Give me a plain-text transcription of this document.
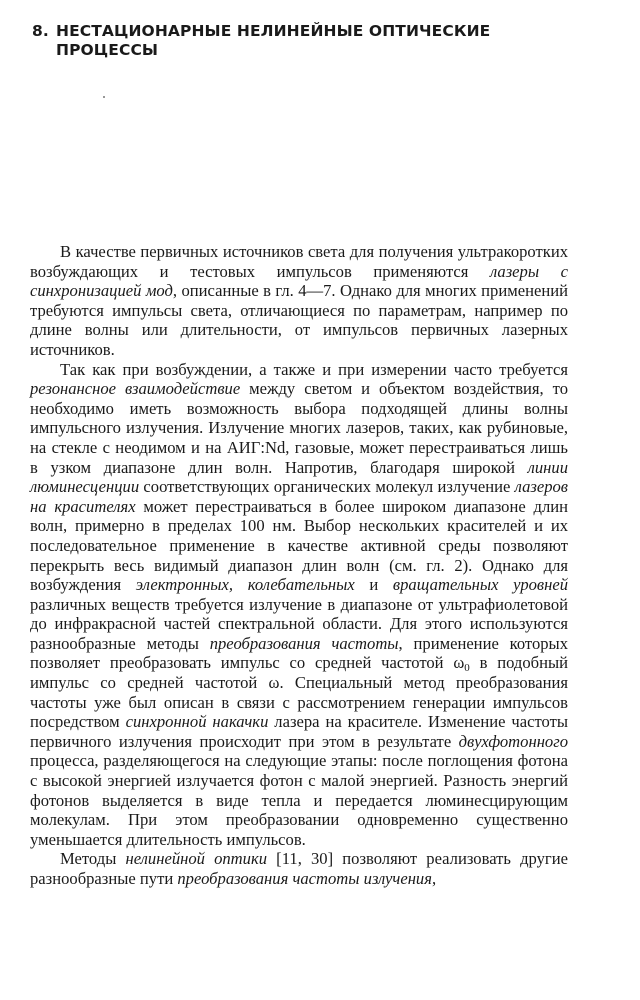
8. НЕСТАЦИОНАРНЫЕ НЕЛИНЕЙНЫЕ ОПТИЧЕСКИЕ
ПРОЦЕССЫ

В качестве первичных источников света для получения ультракоротких возбуждающих и тестовых импульсов применяются лазеры с синхронизацией мод, описанные в гл. 4—7. Однако для многих применений требуются импульсы света, отличающиеся по параметрам, например по длине волны или длительности, от импульсов первичных лазерных источников.

Так как при возбуждении, а также и при измерении часто требуется резонансное взаимодействие между светом и объектом воздействия, то необходимо иметь возможность выбора подходящей длины волны импульсного излучения. Излучение многих лазеров, таких, как рубиновые, на стекле с неодимом и на АИГ:Nd, газовые, может перестраиваться лишь в узком диапазоне длин волн. Напротив, благодаря широкой линии люминесценции соответствующих органических молекул излучение лазеров на красителях может перестраиваться в более широком диапазоне длин волн, примерно в пределах 100 нм. Выбор нескольких красителей и их последовательное применение в качестве активной среды позволяют перекрыть весь видимый диапазон длин волн (см. гл. 2). Однако для возбуждения электронных, колебательных и вращательных уровней различных веществ требуется излучение в диапазоне от ультрафиолетовой до инфракрасной частей спектральной области. Для этого используются разнообразные методы преобразования частоты, применение которых позволяет преобразовать импульс со средней частотой $\omega_0$ в подобный импульс со средней частотой ω. Специальный метод преобразования частоты уже был описан в связи с рассмотрением генерации импульсов посредством синхронной накачки лазера на красителе. Изменение частоты первичного излучения происходит при этом в результате двухфотонного процесса, разделяющегося на следующие этапы: после поглощения фотона с высокой энергией излучается фотон с малой энергией. Разность энергий фотонов выделяется в виде тепла и передается люминесцирующим молекулам. При этом преобразовании одновременно существенно уменьшается длительность импульсов.

Методы нелинейной оптики [11, 30] позволяют реализовать другие разнообразные пути преобразования частоты излучения,
